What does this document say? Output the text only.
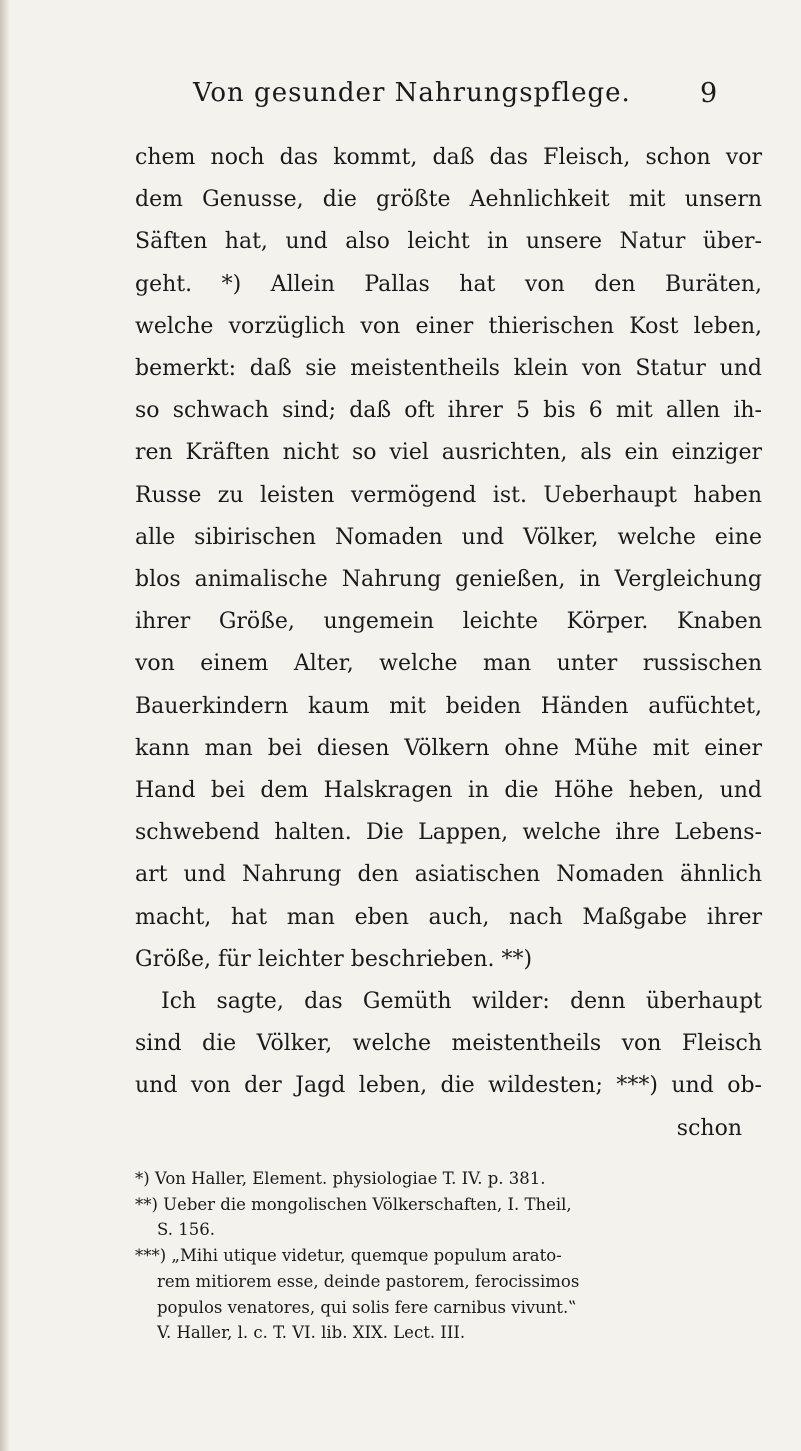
Von gesunder Nahrungspflege.	9
chem noch das kommt, daß das Fleisch, schon vor
dem Genusse, die größte Aehnlichkeit mit unsern
Säften hat, und also leicht in unsere Natur über-
geht. *) Allein Pallas hat von den Buräten,
welche vorzüglich von einer thierischen Kost leben,
bemerkt: daß sie meistentheils klein von Statur und
so schwach sind; daß oft ihrer 5 bis 6 mit allen ih-
ren Kräften nicht so viel ausrichten, als ein einziger
Russe zu leisten vermögend ist. Ueberhaupt haben
alle sibirischen Nomaden und Völker, welche eine
blos animalische Nahrung genießen, in Vergleichung
ihrer Größe, ungemein leichte Körper. Knaben
von einem Alter, welche man unter russischen
Bauerkindern kaum mit beiden Händen aufüchtet,
kann man bei diesen Völkern ohne Mühe mit einer
Hand bei dem Halskragen in die Höhe heben, und
schwebend halten. Die Lappen, welche ihre Lebens-
art und Nahrung den asiatischen Nomaden ähnlich
macht, hat man eben auch, nach Maßgabe ihrer
Größe, für leichter beschrieben. **)
Ich sagte, das Gemüth wilder: denn überhaupt
sind die Völker, welche meistentheils von Fleisch
und von der Jagd leben, die wildesten; ***) und ob-
schon
*) Von Haller, Element. physiologiae T. IV. p. 381.
**) Ueber die mongolischen Völkerschaften, I. Theil,
S. 156.
***) „Mihi utique videtur, quemque populum arato-
rem mitiorem esse, deinde pastorem, ferocissimos
populos venatores, qui solis fere carnibus vivunt.‟
V. Haller, l. c. T. VI. lib. XIX. Lect. III.
